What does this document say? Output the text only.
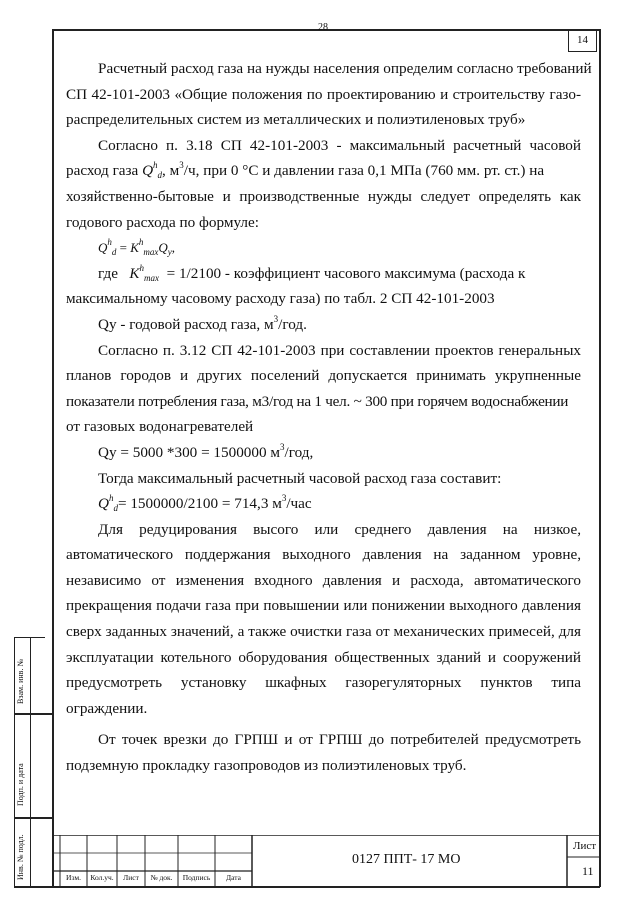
28
14
Расчетный расход газа на нужды населения определим согласно требований
СП 42-101-2003 «Общие положения по проектированию и строительству газо-
распределительных систем из металлических и полиэтиленовых труб»
Согласно п. 3.18 СП 42-101-2003 - максимальный расчетный часовой
расход газа $Q^h_d$, $м^3/ч$, при 0 °С и давлении газа 0,1 МПа (760 мм. рт. ст.) на
хозяйственно-бытовые и производственные нужды следует определять как
годового расхода по формуле:
$Q^h_d = K^h_{max}Q_y$,
где $K^h_{max} = 1/2100$ - коэффициент часового максимума (расхода к
максимальному часовому расходу газа) по табл. 2 СП 42-101-2003
Qу - годовой расход газа, $м^3$/год.
Согласно п. 3.12 СП 42-101-2003 при составлении проектов генеральных
планов городов и других поселений допускается принимать укрупненные
показатели потребления газа, м3/год на 1 чел. ~ 300 при горячем водоснабжении
от газовых водонагревателей
Qу = 5000 *300 = 1500000 $м^3$/год,
Тогда максимальный расчетный часовой расход газа составит:
$Q^h_d= 1500000/2100 = 714,3$ $м^3$/час
Для редуцирования высого или среднего давления на низкое,
автоматического поддержания выходного давления на заданном уровне,
независимо от изменения входного давления и расхода, автоматического
прекращения подачи газа при повышении или понижении выходного давления
сверх заданных значений, а также очистки газа от механических примесей, для
эксплуатации котельного оборудования общественных зданий и сооружений
предусмотреть установку шкафных газорегуляторных пунктов типа
ограждении.
От точек врезки до ГРПШ и от ГРПШ до потребителей предусмотреть
подземную прокладку газопроводов из полиэтиленовых труб.
Взам. инв. №
Подп. и дата
Инв. № подл.	Изм.	Кол.уч.	Лист	№ док.	Подпись	Дата
0127 ППТ- 17 МО
Лист
11
